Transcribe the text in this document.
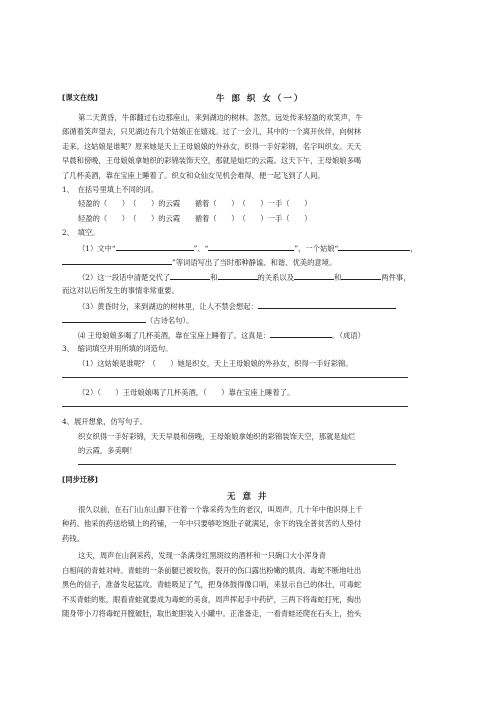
[课文在线]	牛 郎 织 女（一）
第二天黄昏，牛郎翻过右边那座山，来到湖边的树林。忽然，远处传来轻盈的欢笑声，牛
郎循着笑声望去，只见湖边有几个姑娘正在嬉戏。过了一会儿，其中的一个离开伙伴，向树林
走来。这姑娘是谁呢？原来她是天上王母娘娘的外孙女，织得一手好彩锦，名字叫织女。天天
早晨和傍晚，王母娘娘拿她织的彩锦装饰天空，那就是灿烂的云霞。这天下午，王母娘娘多喝
了几杯美酒，靠在宝座上睡着了。织女和众仙女见机会难得，便一起飞到了人间。
1、　在括号里填上不同的词。
轻盈的（　　）　（　　）的云霞　　循着（　　）　（　　）一手（　　）
轻盈的（　　）　（　　）的云霞　　循着（　　）　（　　）一手（　　）
2、　填空。
（1）文中“	”、“	”，一个姑娘“	，
”等词语写出了当时那种静谧、和谐、优美的意境。
（2）这一段话中清楚交代了	和	的关系以及	和	两件事，
而这对以后所发生的事情非常重要。
（3）黄昏时分，来到湖边的树林里，让人不禁会想起：
（古诗名句）。
⑷ 王母娘娘多喝了几杯美酒，靠在宝座上睡着了。这真是：	。（成语）
3、　缩词填空并用所填的词造句。
（1）这姑娘是谁呢？（　　）她是织女，天上王母娘娘的外孙女，织得一手好彩锦。
（2）（　　）王母娘娘喝了几杯美酒，（　　）靠在宝座上睡着了。
4、展开想象，仿写句子。
织女织得一手好彩锦，天天早晨和傍晚，王母娘娘拿她织的彩锦装饰天空，那就是灿烂
的云霞，多美啊！
[同步迁移]
无 意 井
很久以前，在石门山东山脚下住着一个靠采药为生的老汉，叫周声，几十年中他识得上千
种药。他采的药送给镇上的药铺，一年中只要够吃饱肚子就满足，余下的钱全普贫苦的人垫付
药钱。
这天，周声在山涧采药，发现一条满身红黑斑纹的酒杯和一只碗口大小浑身青
白相间的青蛙对峙。青蛙的一条前腿已被咬伤，裂开的伤口露出粉嫩的肌肉。毒蛇不断地吐出
黑色的信子，准备发起猛攻。青蛙吸足了气，把身体鼓得像口哨，来显示自己的体壮，可毒蛇
不买青蛙的账，眼看青蛙就要成为毒蛇的美食，周声挥起手中药铲，三两下将毒蛇打死，掏出
随身带小刀将毒蛇开膛破肚，取出蛇胆装入小罐中。正准备走，一看青蛙还爬在石头上，抬头
